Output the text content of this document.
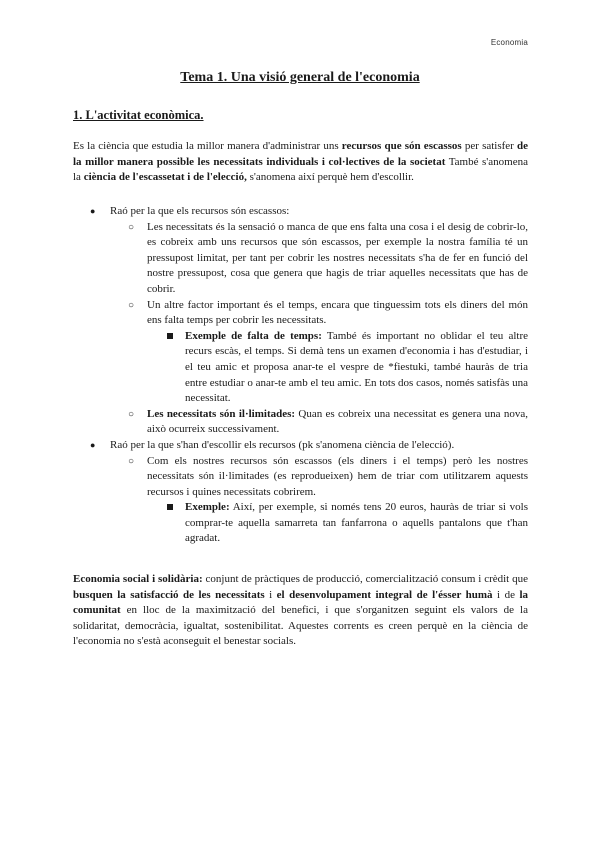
Economia
Tema 1. Una visió general de l'economia
1. L'activitat econòmica.

Es la ciència que estudia la millor manera d'administrar uns recursos que són escassos per satisfer de la millor manera possible les necessitats individuals i col·lectives de la societat També s'anomena la ciència de l'escassetat i de l'elecció, s'anomena així perquè hem d'escollir.

● Raó per la que els recursos són escassos:
○ Les necessitats és la sensació o manca de que ens falta una cosa i el desig de cobrir-lo, es cobreix amb uns recursos que són escassos, per exemple la nostra família té un pressupost limitat, per tant per cobrir les nostres necessitats s'ha de fer en funció del nostre pressupost, cosa que genera que hagis de triar aquelles necessitats que has de cobrir.
○ Un altre factor important és el temps, encara que tinguessim tots els diners del món ens falta temps per cobrir les necessitats.
Exemple de falta de temps: També és important no oblidar el teu altre recurs escàs, el temps. Si demà tens un examen d'economia i has d'estudiar, i el teu amic et proposa anar-te el vespre de *fiestuki, també hauràs de tria entre estudiar o anar-te amb el teu amic. En tots dos casos, només satisfàs una necessitat.
○ Les necessitats són il·limitades: Quan es cobreix una necessitat es genera una nova, això ocurreix successivament.
● Raó per la que s'han d'escollir els recursos (pk s'anomena ciència de l'elecció).
○ Com els nostres recursos són escassos (els diners i el temps) però les nostres necessitats són il·limitades (es reprodueixen) hem de triar com utilitzarem aquests recursos i quines necessitats cobrirem.
Exemple: Així, per exemple, si només tens 20 euros, hauràs de triar si vols comprar-te aquella samarreta tan fanfarrona o aquells pantalons que t'han agradat.

Economia social i solidària: conjunt de pràctiques de producció, comercialització consum i crèdit que busquen la satisfacció de les necessitats i el desenvolupament integral de l'ésser humà i de la comunitat en lloc de la maximització del benefici, i que s'organitzen seguint els valors de la solidaritat, democràcia, igualtat, sostenibilitat. Aquestes corrents es creen perquè en la ciència de l'economia no s'està aconseguit el benestar socials.
